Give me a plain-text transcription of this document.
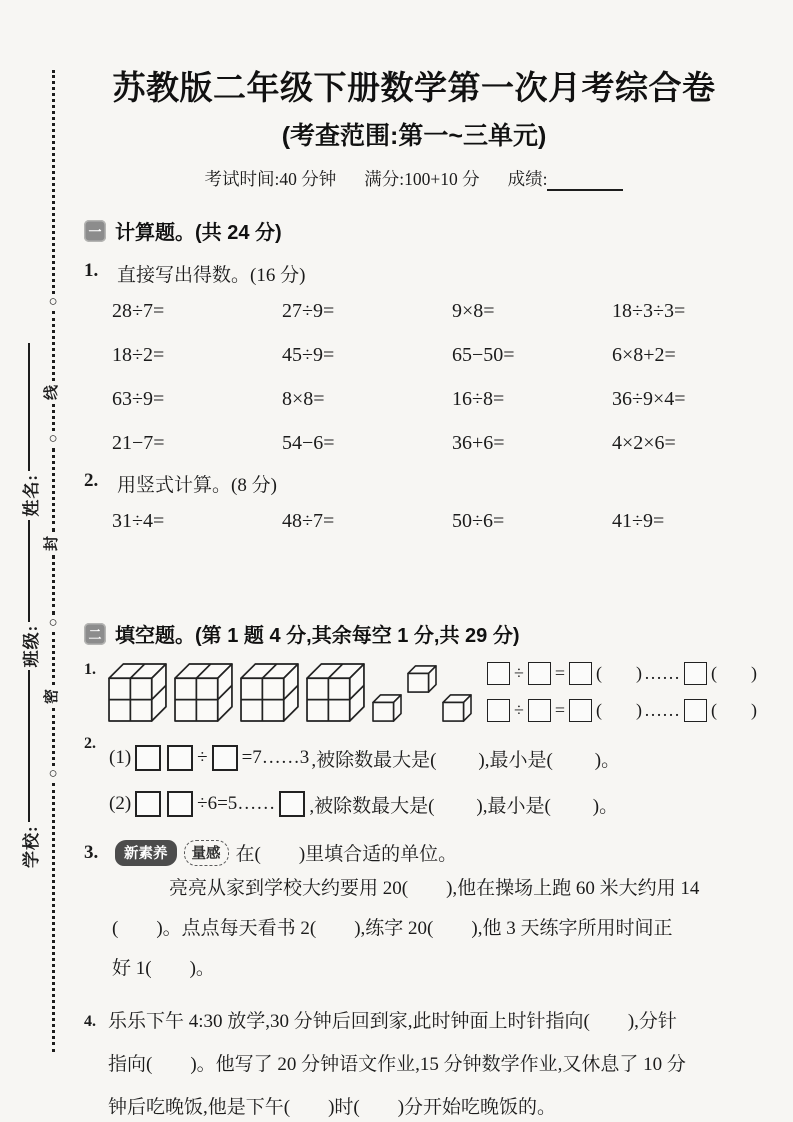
学校:
班级:
姓名:
○
线
○
封
○
密
○
苏教版二年级下册数学第一次月考综合卷
(考查范围:第一~三单元)
考试时间:40 分钟 满分:100+10 分 成绩:
一 计算题。(共 24 分)
1. 直接写出得数。(16 分)
28÷7=	27÷9=	9×8=	18÷3÷3=
18÷2=	45÷9=	65−50=	6×8+2=
63÷9=	8×8=	16÷8=	36÷9×4=
21−7=	54−6=	36+6=	4×2×6=
2. 用竖式计算。(8 分)
31÷4=	48÷7=	50÷6=	41÷9=
二 填空题。(第 1 题 4 分,其余每空 1 分,共 29 分)
1.	÷ = ( ) …… ( )
÷ = ( ) …… ( )
2.
(1)	÷ =7……3 ,被除数最大是( ),最小是( )。
(2)	÷6=5…… ,被除数最大是( ),最小是( )。
3.	新素养	量感 在(　　)里填合适的单位。

亮亮从家到学校大约要用 20(　　),他在操场上跑 60 米大约用 14

(　　)。点点每天看书 2(　　),练字 20(　　),他 3 天练字所用时间正

好 1(　　)。

4. 乐乐下午 4:30 放学,30 分钟后回到家,此时钟面上时针指向(　　),分针

指向(　　)。他写了 20 分钟语文作业,15 分钟数学作业,又休息了 10 分

钟后吃晚饭,他是下午(　　)时(　　)分开始吃晚饭的。
